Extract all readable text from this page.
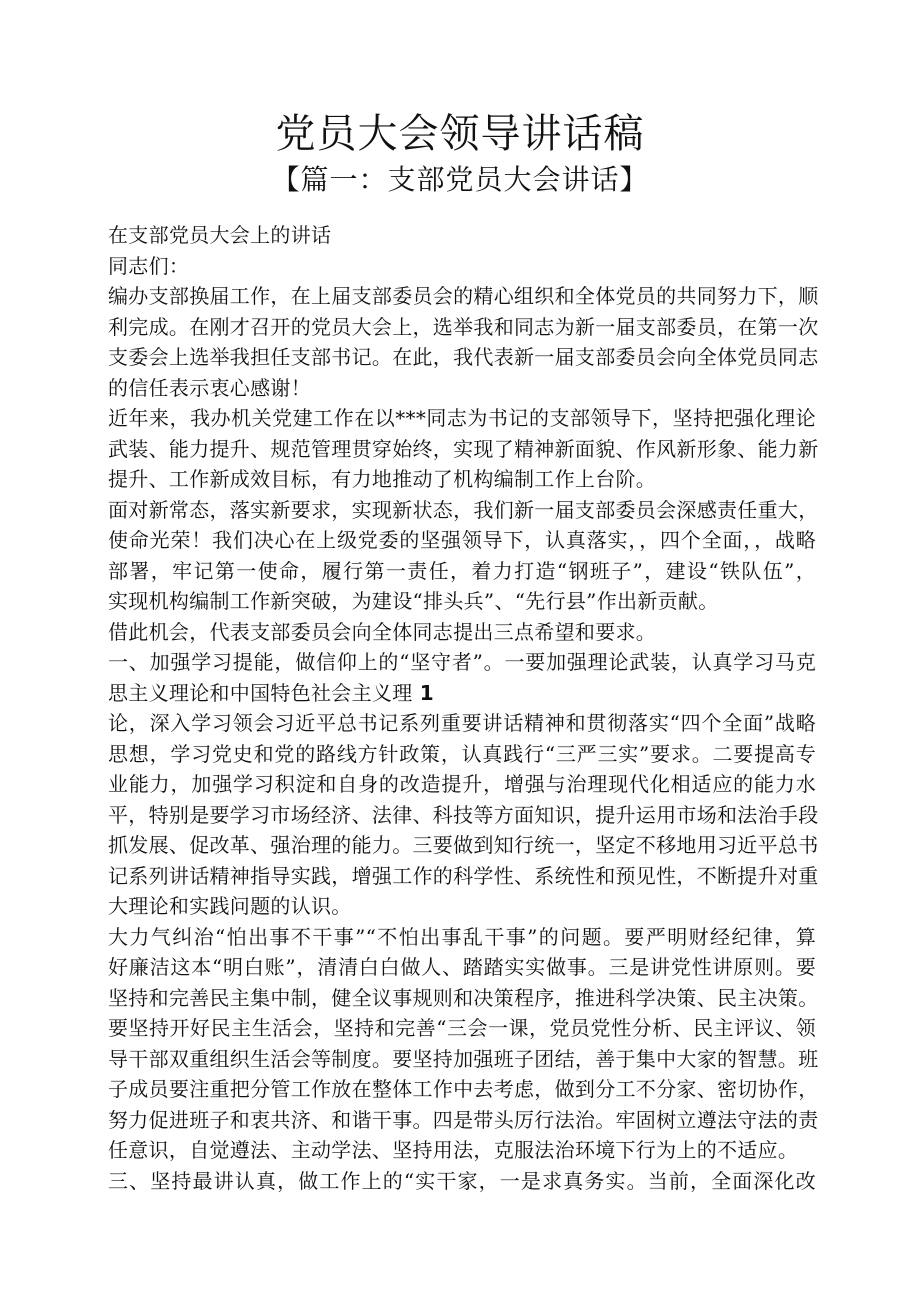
党员大会领导讲话稿
【篇一：支部党员大会讲话】
在支部党员大会上的讲话
同志们：
编办支部换届工作，在上届支部委员会的精心组织和全体党员的共同努力下，顺
利完成。在刚才召开的党员大会上，选举我和同志为新一届支部委员，在第一次
支委会上选举我担任支部书记。在此，我代表新一届支部委员会向全体党员同志
的信任表示衷心感谢！
近年来，我办机关党建工作在以***同志为书记的支部领导下，坚持把强化理论
武装、能力提升、规范管理贯穿始终，实现了精神新面貌、作风新形象、能力新
提升、工作新成效目标，有力地推动了机构编制工作上台阶。
面对新常态，落实新要求，实现新状态，我们新一届支部委员会深感责任重大，
使命光荣！我们决心在上级党委的坚强领导下，认真落实，，四个全面，，战略
部署，牢记第一使命，履行第一责任，着力打造“钢班子”，建设“铁队伍”，
实现机构编制工作新突破，为建设“排头兵”、“先行县”作出新贡献。
借此机会，代表支部委员会向全体同志提出三点希望和要求。
一、加强学习提能，做信仰上的“坚守者”。一要加强理论武装，认真学习马克
思主义理论和中国特色社会主义理 1
论，深入学习领会习近平总书记系列重要讲话精神和贯彻落实“四个全面”战略
思想，学习党史和党的路线方针政策，认真践行“三严三实”要求。二要提高专
业能力，加强学习积淀和自身的改造提升，增强与治理现代化相适应的能力水
平，特别是要学习市场经济、法律、科技等方面知识，提升运用市场和法治手段
抓发展、促改革、强治理的能力。三要做到知行统一，坚定不移地用习近平总书
记系列讲话精神指导实践，增强工作的科学性、系统性和预见性，不断提升对重
大理论和实践问题的认识。
大力气纠治“怕出事不干事”“不怕出事乱干事”的问题。要严明财经纪律，算
好廉洁这本“明白账”，清清白白做人、踏踏实实做事。三是讲党性讲原则。要
坚持和完善民主集中制，健全议事规则和决策程序，推进科学决策、民主决策。
要坚持开好民主生活会，坚持和完善“三会一课，党员党性分析、民主评议、领
导干部双重组织生活会等制度。要坚持加强班子团结，善于集中大家的智慧。班
子成员要注重把分管工作放在整体工作中去考虑，做到分工不分家、密切协作，
努力促进班子和衷共济、和谐干事。四是带头厉行法治。牢固树立遵法守法的责
任意识，自觉遵法、主动学法、坚持用法，克服法治环境下行为上的不适应。
三、坚持最讲认真，做工作上的“实干家，一是求真务实。当前，全面深化改
